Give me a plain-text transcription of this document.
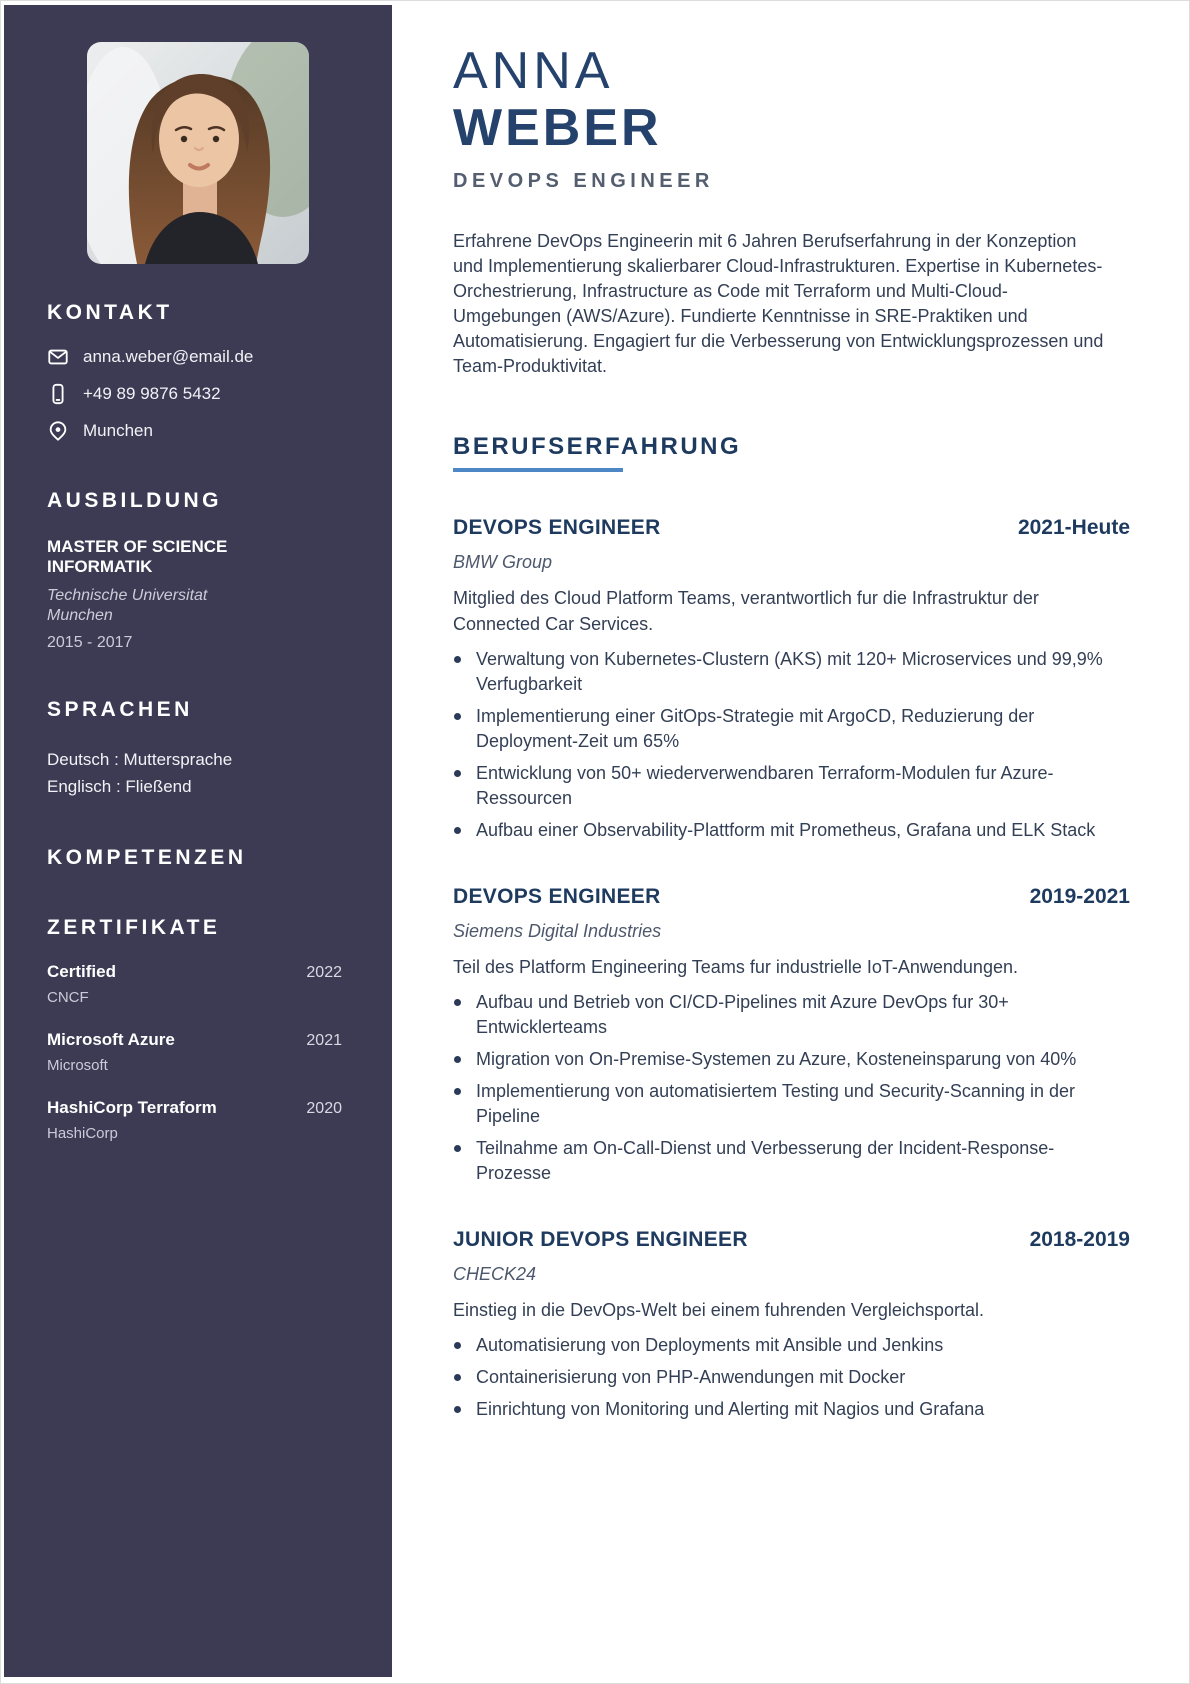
KONTAKT
anna.weber@email.de
+49 89 9876 5432
Munchen
AUSBILDUNG
MASTER OF SCIENCE INFORMATIK
Technische Universitat Munchen
2015 - 2017
SPRACHEN
Deutsch : Muttersprache
Englisch : Fließend
KOMPETENZEN
ZERTIFIKATE
Certified	2022
CNCF
Microsoft Azure	2021
Microsoft
HashiCorp Terraform	2020
HashiCorp
ANNA
WEBER
DEVOPS ENGINEER

Erfahrene DevOps Engineerin mit 6 Jahren Berufserfahrung in der Konzeption und Implementierung skalierbarer Cloud-Infrastrukturen. Expertise in Kubernetes-Orchestrierung, Infrastructure as Code mit Terraform und Multi-Cloud-Umgebungen (AWS/Azure). Fundierte Kenntnisse in SRE-Praktiken und Automatisierung. Engagiert fur die Verbesserung von Entwicklungsprozessen und Team-Produktivitat.

BERUFSERFAHRUNG
DEVOPS ENGINEER	2021-Heute
BMW Group
Mitglied des Cloud Platform Teams, verantwortlich fur die Infrastruktur der Connected Car Services.
Verwaltung von Kubernetes-Clustern (AKS) mit 120+ Microservices und 99,9% Verfugbarkeit
Implementierung einer GitOps-Strategie mit ArgoCD, Reduzierung der Deployment-Zeit um 65%
Entwicklung von 50+ wiederverwendbaren Terraform-Modulen fur Azure-Ressourcen
Aufbau einer Observability-Plattform mit Prometheus, Grafana und ELK Stack
DEVOPS ENGINEER	2019-2021
Siemens Digital Industries
Teil des Platform Engineering Teams fur industrielle IoT-Anwendungen.
Aufbau und Betrieb von CI/CD-Pipelines mit Azure DevOps fur 30+ Entwicklerteams
Migration von On-Premise-Systemen zu Azure, Kosteneinsparung von 40%
Implementierung von automatisiertem Testing und Security-Scanning in der Pipeline
Teilnahme am On-Call-Dienst und Verbesserung der Incident-Response-Prozesse
JUNIOR DEVOPS ENGINEER	2018-2019
CHECK24
Einstieg in die DevOps-Welt bei einem fuhrenden Vergleichsportal.
Automatisierung von Deployments mit Ansible und Jenkins
Containerisierung von PHP-Anwendungen mit Docker
Einrichtung von Monitoring und Alerting mit Nagios und Grafana
